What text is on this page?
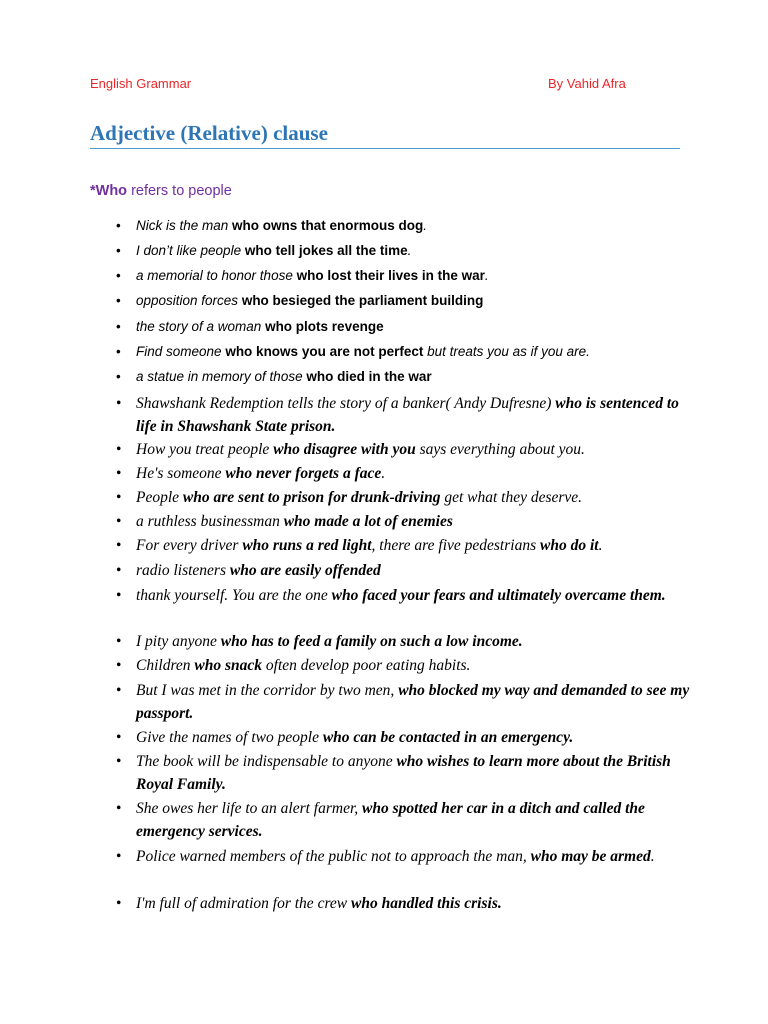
English Grammar	By Vahid Afra
Adjective (Relative) clause
*Who refers to people
• Nick is the man who owns that enormous dog.
• I don’t like people who tell jokes all the time.
• a memorial to honor those who lost their lives in the war.
• opposition forces who besieged the parliament building
• the story of a woman who plots revenge
• Find someone who knows you are not perfect but treats you as if you are.
• a statue in memory of those who died in the war
• Shawshank Redemption tells the story of a banker( Andy Dufresne) who is sentenced to life in Shawshank State prison.
• How you treat people who disagree with you says everything about you.
• He's someone who never forgets a face.
• People who are sent to prison for drunk-driving get what they deserve.
• a ruthless businessman who made a lot of enemies
• For every driver who runs a red light, there are five pedestrians who do it.
• radio listeners who are easily offended
• thank yourself. You are the one who faced your fears and ultimately overcame them.
• I pity anyone who has to feed a family on such a low income.
• Children who snack often develop poor eating habits.
• But I was met in the corridor by two men, who blocked my way and demanded to see my passport.
• Give the names of two people who can be contacted in an emergency.
• The book will be indispensable to anyone who wishes to learn more about the British Royal Family.
• She owes her life to an alert farmer, who spotted her car in a ditch and called the emergency services.
• Police warned members of the public not to approach the man, who may be armed.
• I'm full of admiration for the crew who handled this crisis.
